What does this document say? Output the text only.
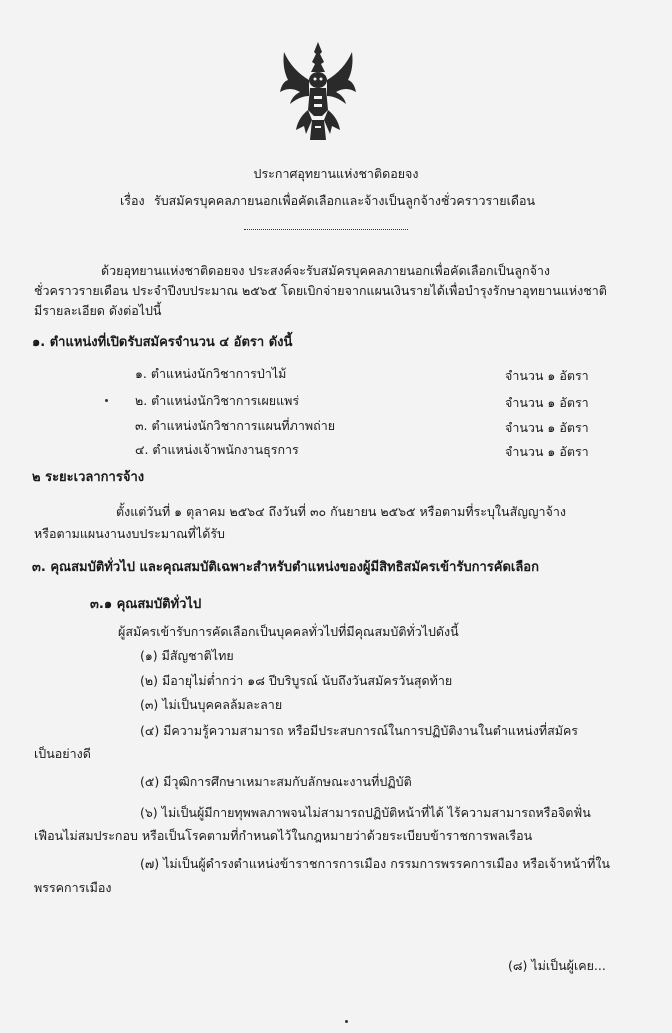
ประกาศอุทยานแห่งชาติดอยจง
เรื่อง รับสมัครบุคคลภายนอกเพื่อคัดเลือกและจ้างเป็นลูกจ้างชั่วคราวรายเดือน
ด้วยอุทยานแห่งชาติดอยจง ประสงค์จะรับสมัครบุคคลภายนอกเพื่อคัดเลือกเป็นลูกจ้าง
ชั่วคราวรายเดือน ประจำปีงบประมาณ ๒๕๖๕ โดยเบิกจ่ายจากแผนเงินรายได้เพื่อบำรุงรักษาอุทยานแห่งชาติ
มีรายละเอียด ดังต่อไปนี้
๑. ตำแหน่งที่เปิดรับสมัครจำนวน ๔ อัตรา ดังนี้
๑. ตำแหน่งนักวิชาการป่าไม้	จำนวน ๑ อัตรา
๒. ตำแหน่งนักวิชาการเผยแพร่	จำนวน ๑ อัตรา
๓. ตำแหน่งนักวิชาการแผนที่ภาพถ่าย	จำนวน ๑ อัตรา
๔. ตำแหน่งเจ้าพนักงานธุรการ	จำนวน ๑ อัตรา
๒ ระยะเวลาการจ้าง
ตั้งแต่วันที่ ๑ ตุลาคม ๒๕๖๔ ถึงวันที่ ๓๐ กันยายน ๒๕๖๕ หรือตามที่ระบุในสัญญาจ้าง
หรือตามแผนงานงบประมาณที่ได้รับ
๓. คุณสมบัติทั่วไป และคุณสมบัติเฉพาะสำหรับตำแหน่งของผู้มีสิทธิสมัครเข้ารับการคัดเลือก
๓.๑ คุณสมบัติทั่วไป
ผู้สมัครเข้ารับการคัดเลือกเป็นบุคคลทั่วไปที่มีคุณสมบัติทั่วไปดังนี้
(๑) มีสัญชาติไทย
(๒) มีอายุไม่ต่ำกว่า ๑๘ ปีบริบูรณ์ นับถึงวันสมัครวันสุดท้าย
(๓) ไม่เป็นบุคคลล้มละลาย
(๔) มีความรู้ความสามารถ หรือมีประสบการณ์ในการปฏิบัติงานในตำแหน่งที่สมัคร
เป็นอย่างดี
(๕) มีวุฒิการศึกษาเหมาะสมกับลักษณะงานที่ปฏิบัติ
(๖) ไม่เป็นผู้มีกายทุพพลภาพจนไม่สามารถปฏิบัติหน้าที่ได้ ไร้ความสามารถหรือจิตฟั่น
เฟือนไม่สมประกอบ หรือเป็นโรคตามที่กำหนดไว้ในกฎหมายว่าด้วยระเบียบข้าราชการพลเรือน
(๗) ไม่เป็นผู้ดำรงตำแหน่งข้าราชการการเมือง กรรมการพรรคการเมือง หรือเจ้าหน้าที่ใน
พรรคการเมือง
(๘) ไม่เป็นผู้เคย...
